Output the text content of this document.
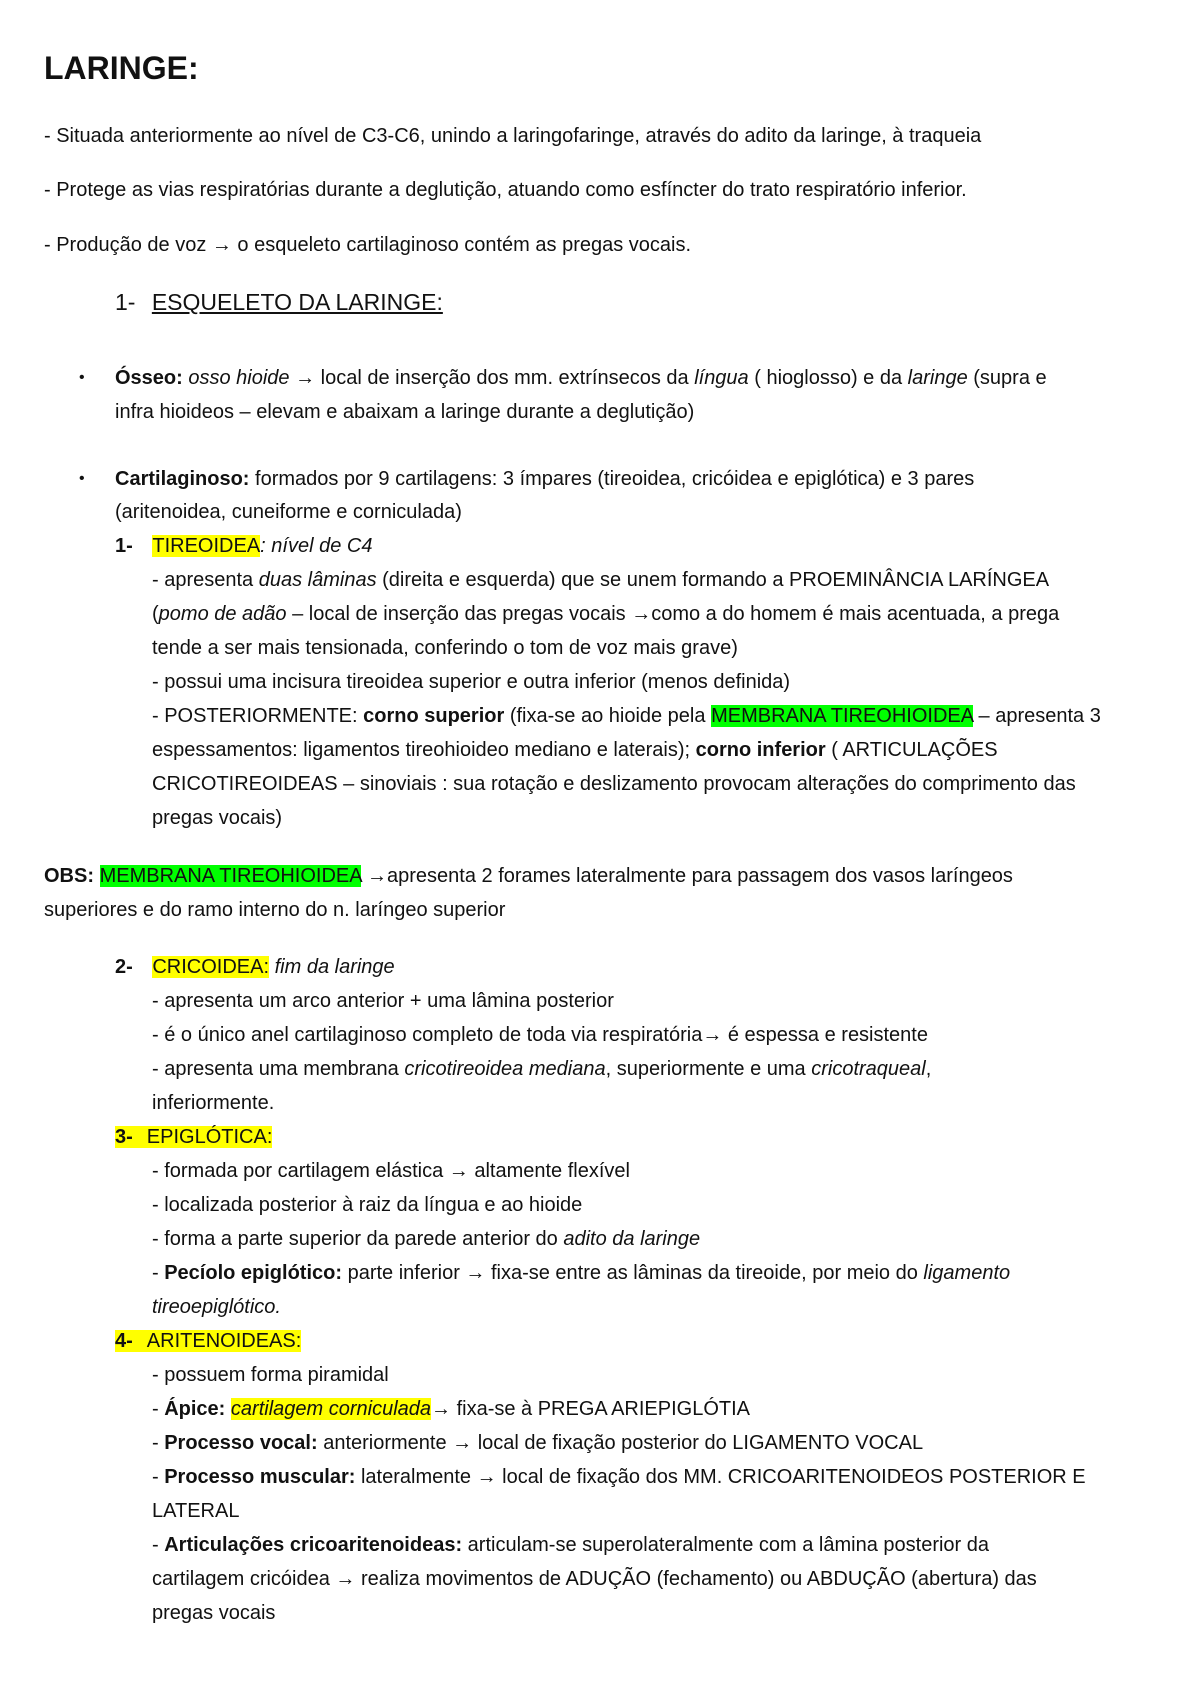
LARINGE:
- Situada anteriormente ao nível de C3-C6, unindo a laringofaringe, através do adito da laringe, à traqueia
- Protege as vias respiratórias durante a deglutição, atuando como esfíncter do trato respiratório inferior.
- Produção de voz → o esqueleto cartilaginoso contém as pregas vocais.
1- ESQUELETO DA LARINGE:
• Ósseo: osso hioide → local de inserção dos mm. extrínsecos da língua ( hioglosso) e da laringe (supra e
infra hioideos – elevam e abaixam a laringe durante a deglutição)
• Cartilaginoso: formados por 9 cartilagens: 3 ímpares (tireoidea, cricóidea e epiglótica) e 3 pares
(aritenoidea, cuneiforme e corniculada)
1- TIREOIDEA: nível de C4
- apresenta duas lâminas (direita e esquerda) que se unem formando a PROEMINÂNCIA LARÍNGEA
(pomo de adão – local de inserção das pregas vocais →como a do homem é mais acentuada, a prega
tende a ser mais tensionada, conferindo o tom de voz mais grave)
- possui uma incisura tireoidea superior e outra inferior (menos definida)
- POSTERIORMENTE: corno superior (fixa-se ao hioide pela MEMBRANA TIREOHIOIDEA – apresenta 3
espessamentos: ligamentos tireohioideo mediano e laterais); corno inferior ( ARTICULAÇÕES
CRICOTIREOIDEAS – sinoviais : sua rotação e deslizamento provocam alterações do comprimento das
pregas vocais)
OBS: MEMBRANA TIREOHIOIDEA →apresenta 2 forames lateralmente para passagem dos vasos laríngeos
superiores e do ramo interno do n. laríngeo superior
2- CRICOIDEA: fim da laringe
- apresenta um arco anterior + uma lâmina posterior
- é o único anel cartilaginoso completo de toda via respiratória→ é espessa e resistente
- apresenta uma membrana cricotireoidea mediana, superiormente e uma cricotraqueal,
inferiormente.
3- EPIGLÓTICA:
- formada por cartilagem elástica → altamente flexível
- localizada posterior à raiz da língua e ao hioide
- forma a parte superior da parede anterior do adito da laringe
- Pecíolo epiglótico: parte inferior → fixa-se entre as lâminas da tireoide, por meio do ligamento
tireoepiglótico.
4- ARITENOIDEAS:
- possuem forma piramidal
- Ápice: cartilagem corniculada→ fixa-se à PREGA ARIEPIGLÓTIA
- Processo vocal: anteriormente → local de fixação posterior do LIGAMENTO VOCAL
- Processo muscular: lateralmente → local de fixação dos MM. CRICOARITENOIDEOS POSTERIOR E
LATERAL
- Articulações cricoaritenoideas: articulam-se superolateralmente com a lâmina posterior da
cartilagem cricóidea → realiza movimentos de ADUÇÃO (fechamento) ou ABDUÇÃO (abertura) das
pregas vocais
